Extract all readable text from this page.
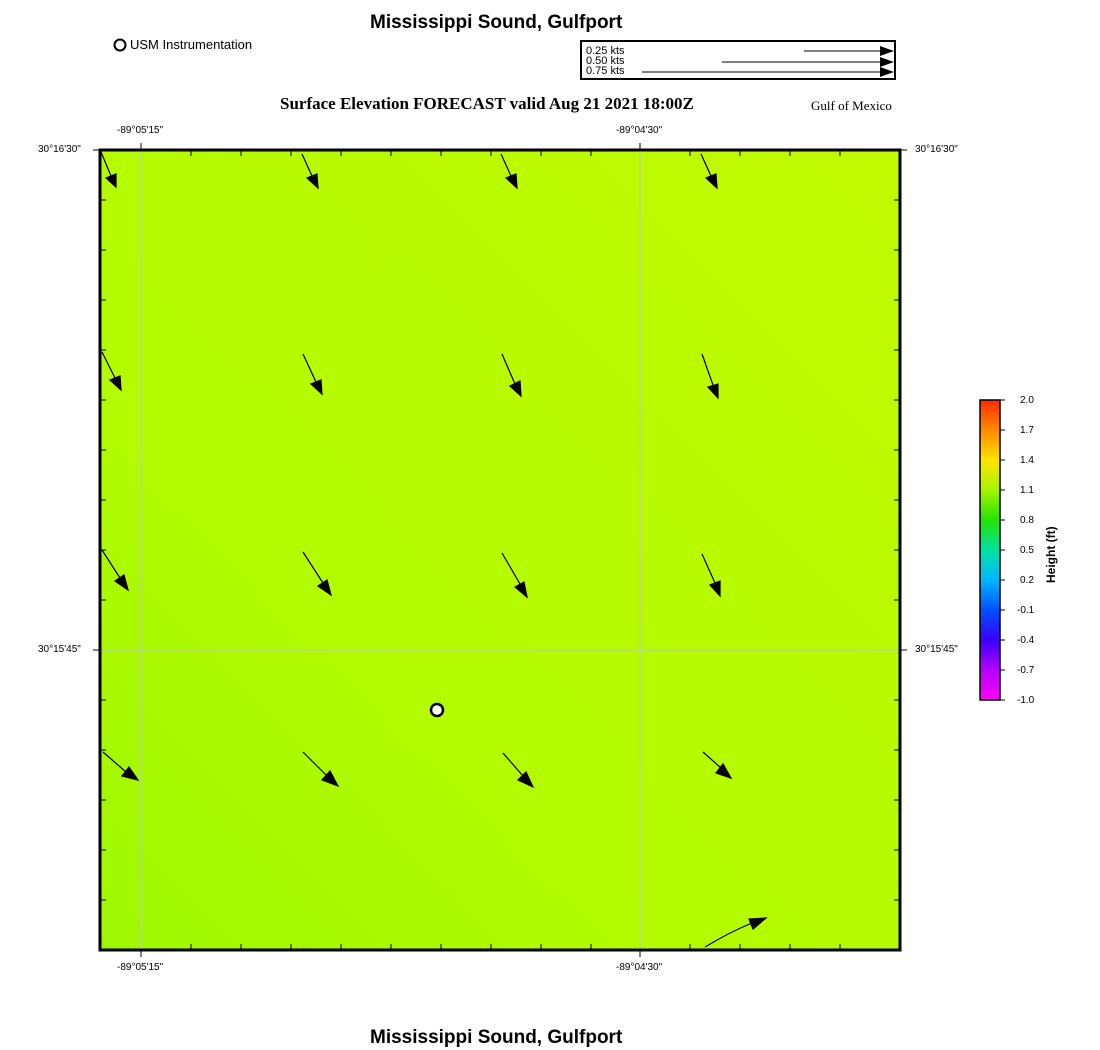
Mississippi Sound, Gulfport
USM Instrumentation	0.25 kts
0.50 kts
0.75 kts
Surface Elevation FORECAST valid Aug 21 2021 18:00Z	Gulf of Mexico
-89°05'15"	-89°04'30"
-89°05'15"	-89°04'30"
30°16'30"
30°15'45"
30°16'30"
30°15'45"
2.0
1.7
1.4
1.1
0.8
0.5
0.2
-0.1
-0.4
-0.7
-1.0
Height (ft)
Mississippi Sound, Gulfport
